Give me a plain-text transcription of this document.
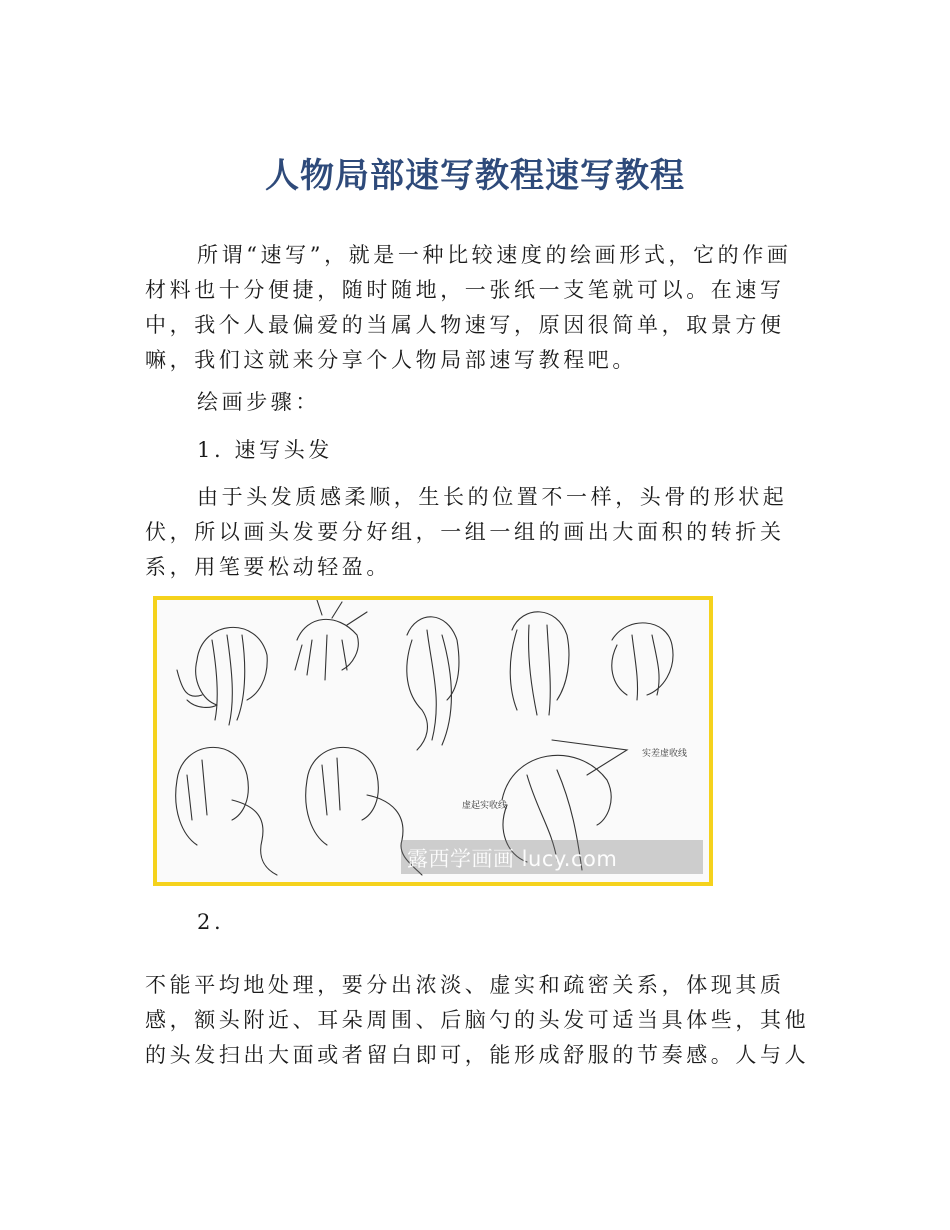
人物局部速写教程速写教程

所谓“速写”，就是一种比较速度的绘画形式，它的作画材料也十分便捷，随时随地，一张纸一支笔就可以。在速写中，我个人最偏爱的当属人物速写，原因很简单，取景方便嘛，我们这就来分享个人物局部速写教程吧。

绘画步骤：

1. 速写头发

由于头发质感柔顺，生长的位置不一样，头骨的形状起伏，所以画头发要分好组，一组一组的画出大面积的转折关系，用笔要松动轻盈。

实差虚收线
虚起实收线
露西学画画 lucy.com

2.

不能平均地处理，要分出浓淡、虚实和疏密关系，体现其质感，额头附近、耳朵周围、后脑勺的头发可适当具体些，其他的头发扫出大面或者留白即可，能形成舒服的节奏感。人与人
